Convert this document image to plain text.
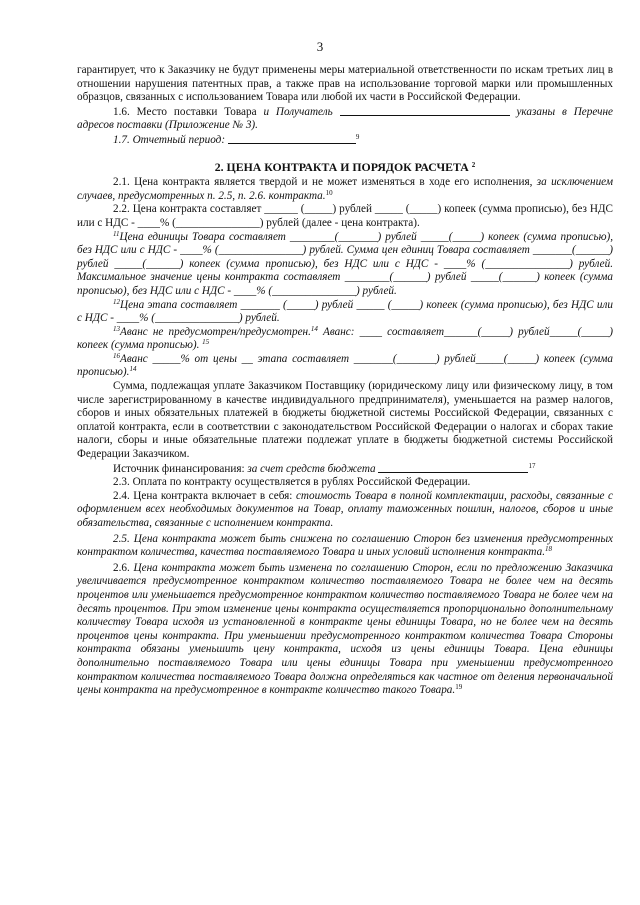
3

гарантирует, что к Заказчику не будут применены меры материальной ответственности по искам третьих лиц в отношении нарушения патентных прав, а также прав на использование торговой марки или промышленных образцов, связанных с использованием Товара или любой их части в Российской Федерации.

1.6. Место поставки Товара и Получатель	указаны в Перечне адресов поставки (Приложение № 3).

1.7. Отчетный период:	$^9$

2. ЦЕНА КОНТРАКТА И ПОРЯДОК РАСЧЕТА $^2$

2.1. Цена контракта является твердой и не может изменяться в ходе его исполнения, за исключением случаев, предусмотренных п. 2.5, п. 2.6. контракта.$^{10}$

2.2. Цена контракта составляет ______ (_____) рублей _____ (_____) копеек (сумма прописью), без НДС или с НДС - ____% (_______________) рублей (далее - цена контракта).

$^{11}$Цена единицы Товара составляет ________(_______) рублей _____(_____) копеек (сумма прописью), без НДС или с НДС - ____% (_______________) рублей. Сумма цен единиц Товара составляет _______(______) рублей _____(______) копеек (сумма прописью), без НДС или с НДС - ____% (_______________) рублей. Максимальное значение цены контракта составляет ________(______) рублей _____(______) копеек (сумма прописью), без НДС или с НДС - ____% (_______________) рублей.

$^{12}$Цена этапа составляет _______ (_____) рублей _____ (_____) копеек (сумма прописью), без НДС или с НДС - ____% (_______________) рублей.

$^{13}$Аванс не предусмотрен/предусмотрен.$^{14}$ Аванс: ____ составляет______(_____) рублей_____(_____) копеек (сумма прописью). $^{15}$

$^{16}$Аванс _____% от цены __ этапа составляет _______(_______) рублей_____(_____) копеек (сумма прописью).$^{14}$

Сумма, подлежащая уплате Заказчиком Поставщику (юридическому лицу или физическому лицу, в том числе зарегистрированному в качестве индивидуального предпринимателя), уменьшается на размер налогов, сборов и иных обязательных платежей в бюджеты бюджетной системы Российской Федерации, связанных с оплатой контракта, если в соответствии с законодательством Российской Федерации о налогах и сборах такие налоги, сборы и иные обязательные платежи подлежат уплате в бюджеты бюджетной системы Российской Федерации Заказчиком.

Источник финансирования: за счет средств бюджета	$^{17}$

2.3. Оплата по контракту осуществляется в рублях Российской Федерации.

2.4. Цена контракта включает в себя: стоимость Товара в полной комплектации, расходы, связанные с оформлением всех необходимых документов на Товар, оплату таможенных пошлин, налогов, сборов и иные обязательства, связанные с исполнением контракта.

2.5. Цена контракта может быть снижена по соглашению Сторон без изменения предусмотренных контрактом количества, качества поставляемого Товара и иных условий исполнения контракта.$^{18}$

2.6. Цена контракта может быть изменена по соглашению Сторон, если по предложению Заказчика увеличивается предусмотренное контрактом количество поставляемого Товара не более чем на десять процентов или уменьшается предусмотренное контрактом количество поставляемого Товара не более чем на десять процентов. При этом изменение цены контракта осуществляется пропорционально дополнительному количеству Товара исходя из установленной в контракте цены единицы Товара, но не более чем на десять процентов цены контракта. При уменьшении предусмотренного контрактом количества Товара Стороны контракта обязаны уменьшить цену контракта, исходя из цены единицы Товара. Цена единицы дополнительно поставляемого Товара или цены единицы Товара при уменьшении предусмотренного контрактом количества поставляемого Товара должна определяться как частное от деления первоначальной цены контракта на предусмотренное в контракте количество такого Товара.$^{19}$
